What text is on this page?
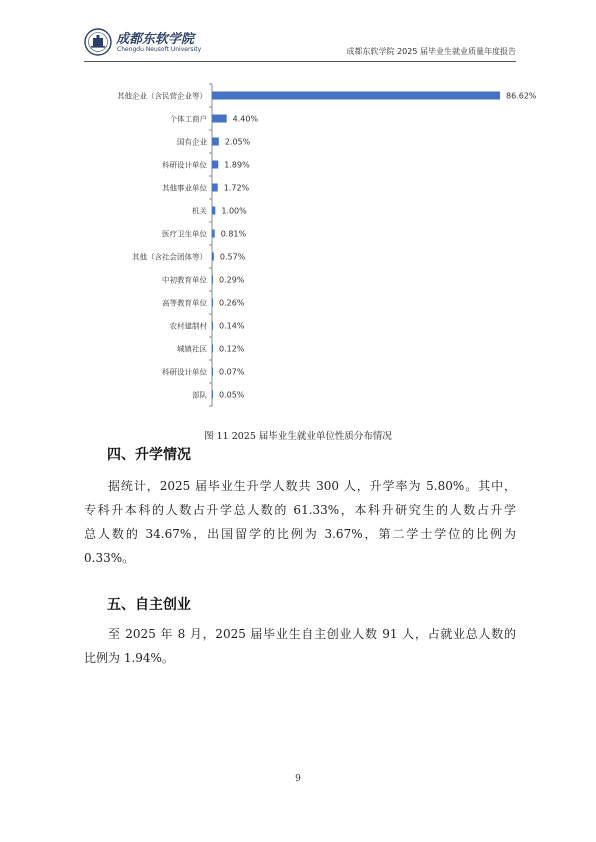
成都东软学院
Chengdu Neusoft University	成都东软学院 2025 届毕业生就业质量年度报告
其他企业（含民营企业等）	86.62%
个体工商户	4.40%
国有企业 2.05%
科研设计单位 1.89%
其他事业单位 1.72%
机关 1.00%
医疗卫生单位 0.81%
其他（含社会团体等） 0.57%
中初教育单位 0.29%
高等教育单位 0.26%
农村建制村 0.14%
城镇社区 0.12%
科研设计单位 0.07%
部队 0.05%
图 11 2025 届毕业生就业单位性质分布情况
四、升学情况
据统计，2025 届毕业生升学人数共 300 人，升学率为 5.80%。其中，
专科升本科的人数占升学总人数的 61.33%，本科升研究生的人数占升学
总人数的 34.67%，出国留学的比例为 3.67%，第二学士学位的比例为
0.33%。
五、自主创业
至 2025 年 8 月，2025 届毕业生自主创业人数 91 人，占就业总人数的
比例为 1.94%。
9
